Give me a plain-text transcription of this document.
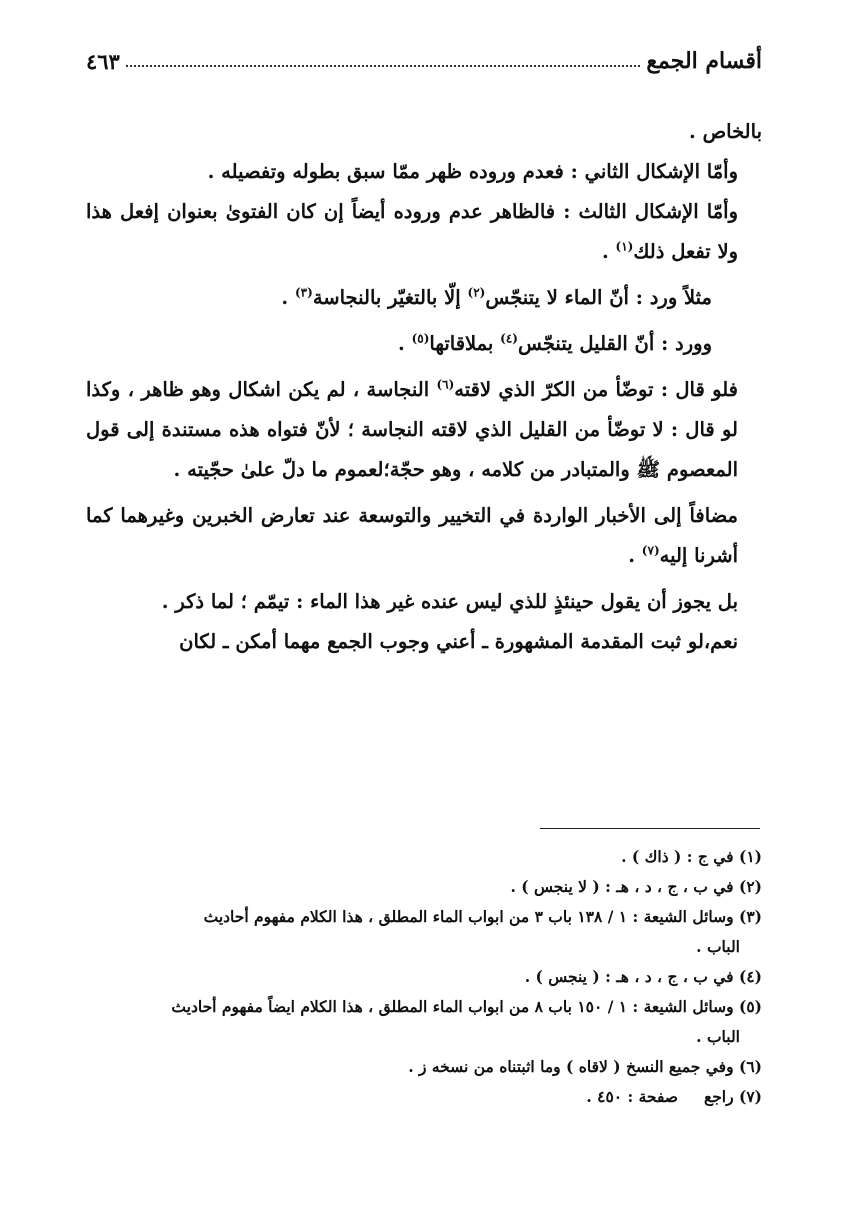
أقسام الجمع
٤٦٣

بالخاص .

وأمّا الإشكال الثاني : فعدم وروده ظهر ممّا سبق بطوله وتفصيله .

وأمّا الإشكال الثالث : فالظاهر عدم وروده أيضاً إن كان الفتوىٰ بعنوان إفعل هذا ولا تفعل ذلك$^{(١)}$ .

مثلاً ورد : أنّ الماء لا يتنجّس$^{(٢)}$ إلّا بالتغيّر بالنجاسة$^{(٣)}$ .

وورد : أنّ القليل يتنجّس$^{(٤)}$ بملاقاتها$^{(٥)}$ .

فلو قال : توضّأ من الكرّ الذي لاقته$^{(٦)}$ النجاسة ، لم يكن اشكال وهو ظاهر ، وكذا لو قال : لا توضّأ من القليل الذي لاقته النجاسة ؛ لأنّ فتواه هذه مستندة إلى قول المعصوم ﷺ والمتبادر من كلامه ، وهو حجّة؛لعموم ما دلّ علىٰ حجّيته .

مضافاً إلى الأخبار الواردة في التخيير والتوسعة عند تعارض الخبرين وغيرهما كما أشرنا إليه$^{(٧)}$ .

بل يجوز أن يقول حينئذٍ للذي ليس عنده غير هذا الماء : تيمّم ؛ لما ذكر .

نعم،لو ثبت المقدمة المشهورة ـ أعني وجوب الجمع مهما أمكن ـ لكان

(١) في ج : ( ذاك ) .
(٢) في ب ، ج ، د ، هـ : ( لا ينجس ) .
(٣) وسائل الشيعة : ١ / ١٣٨ باب ٣ من ابواب الماء المطلق ، هذا الكلام مفهوم أحاديث
الباب .
(٤) في ب ، ج ، د ، هـ : ( ينجس ) .
(٥) وسائل الشيعة : ١ / ١٥٠ باب ٨ من ابواب الماء المطلق ، هذا الكلام ايضاً مفهوم أحاديث
الباب .
(٦) وفي جميع النسخ ( لاقاه ) وما اثبتناه من نسخه ز .
(٧) راجعصفحة : ٤٥٠ .
